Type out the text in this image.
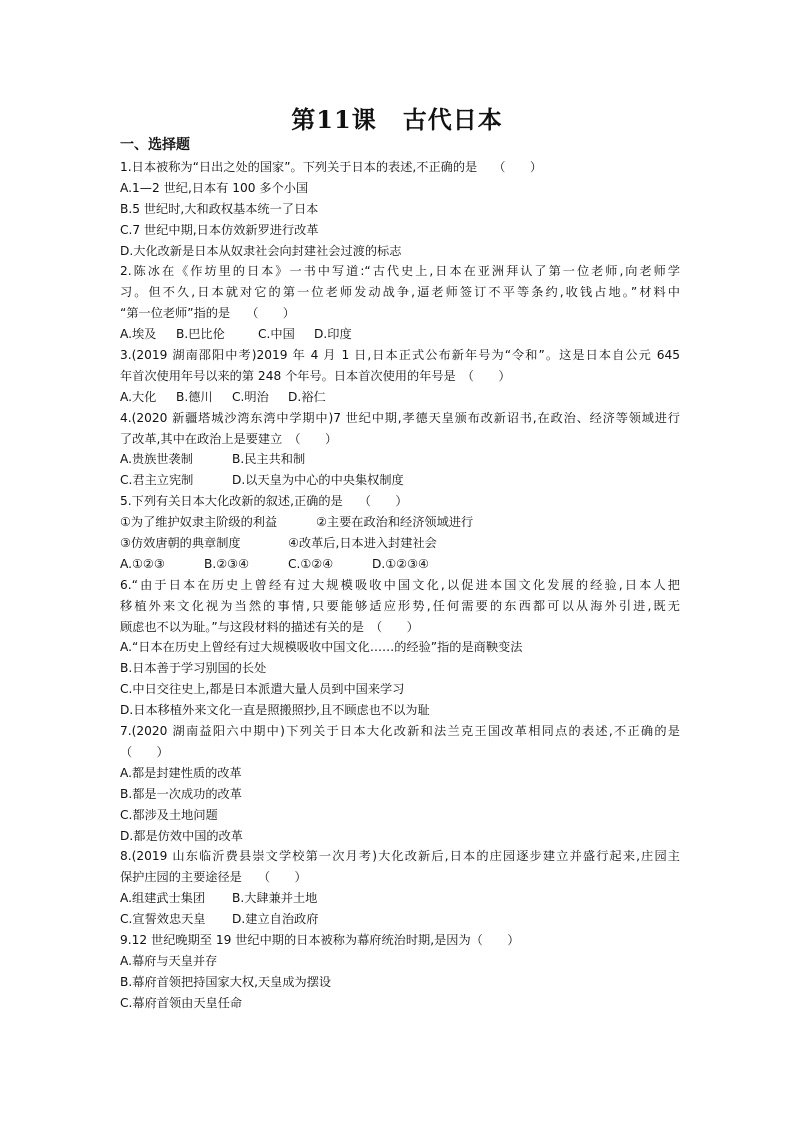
第11课 古代日本
一、选择题
1.日本被称为“日出之处的国家”。下列关于日本的表述,不正确的是　 （　　）
A.1—2 世纪,日本有 100 多个小国
B.5 世纪时,大和政权基本统一了日本
C.7 世纪中期,日本仿效新罗进行改革
D.大化改新是日本从奴隶社会向封建社会过渡的标志
2.陈冰在《作坊里的日本》一书中写道:“古代史上,日本在亚洲拜认了第一位老师,向老师学
习。但不久,日本就对它的第一位老师发动战争,逼老师签订不平等条约,收钱占地。”材料中
“第一位老师”指的是　 （　　）
A.埃及 B.巴比伦	C.中国 D.印度
3.(2019 湖南邵阳中考)2019 年 4 月 1 日,日本正式公布新年号为“令和”。这是日本自公元 645
年首次使用年号以来的第 248 个年号。日本首次使用的年号是　（　　）
A.大化 B.德川 C.明治 D.裕仁
4.(2020 新疆塔城沙湾东湾中学期中)7 世纪中期,孝德天皇颁布改新诏书,在政治、经济等领域进行
了改革,其中在政治上是要建立　（　　）
A.贵族世袭制	B.民主共和制
C.君主立宪制	D.以天皇为中心的中央集权制度
5.下列有关日本大化改新的叙述,正确的是　 （　　）
①为了维护奴隶主阶级的利益	②主要在政治和经济领域进行
③仿效唐朝的典章制度	④改革后,日本进入封建社会
A.①②③	B.②③④	C.①②④	D.①②③④
6.“由于日本在历史上曾经有过大规模吸收中国文化,以促进本国文化发展的经验,日本人把
移植外来文化视为当然的事情,只要能够适应形势,任何需要的东西都可以从海外引进,既无
顾虑也不以为耻。”与这段材料的描述有关的是　（　　）
A.“日本在历史上曾经有过大规模吸收中国文化……的经验”指的是商鞅变法
B.日本善于学习别国的长处
C.中日交往史上,都是日本派遣大量人员到中国来学习
D.日本移植外来文化一直是照搬照抄,且不顾虑也不以为耻
7.(2020 湖南益阳六中期中)下列关于日本大化改新和法兰克王国改革相同点的表述,不正确的是
（　　）
A.都是封建性质的改革
B.都是一次成功的改革
C.都涉及土地问题
D.都是仿效中国的改革
8.(2019 山东临沂费县崇文学校第一次月考)大化改新后,日本的庄园逐步建立并盛行起来,庄园主
保护庄园的主要途径是　 （　　）
A.组建武士集团 B.大肆兼并土地
C.宣誓效忠天皇 D.建立自治政府
9.12 世纪晚期至 19 世纪中期的日本被称为幕府统治时期,是因为（　　）
A.幕府与天皇并存
B.幕府首领把持国家大权,天皇成为摆设
C.幕府首领由天皇任命
